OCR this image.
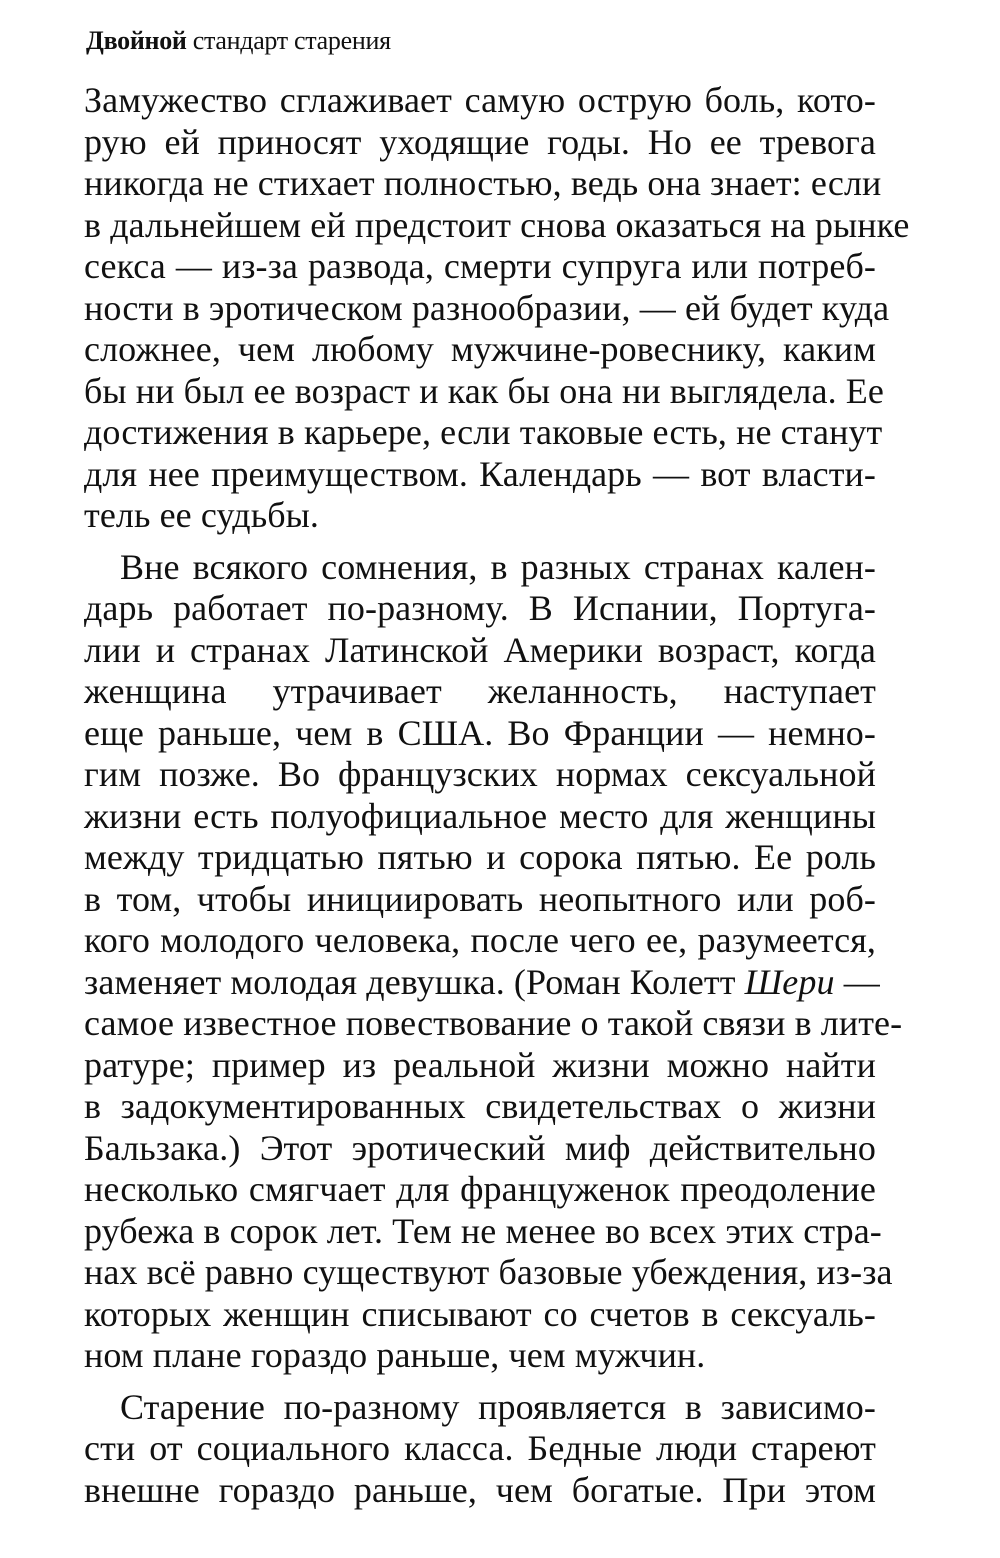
Двойной стандарт старения
Замужество сглаживает самую острую боль, кото-
рую ей приносят уходящие годы. Но ее тревога
никогда не стихает полностью, ведь она знает: если
в дальнейшем ей предстоит снова оказаться на рынке
секса — из-за развода, смерти супруга или потреб-
ности в эротическом разнообразии, — ей будет куда
сложнее, чем любому мужчине-ровеснику, каким
бы ни был ее возраст и как бы она ни выглядела. Ее
достижения в карьере, если таковые есть, не станут
для нее преимуществом. Календарь — вот власти-
тель ее судьбы.
Вне всякого сомнения, в разных странах кален-
дарь работает по-разному. В Испании, Португа-
лии и странах Латинской Америки возраст, когда
женщина утрачивает желанность, наступает
еще раньше, чем в США. Во Франции — немно-
гим позже. Во французских нормах сексуальной
жизни есть полуофициальное место для женщины
между тридцатью пятью и сорока пятью. Ее роль
в том, чтобы инициировать неопытного или роб-
кого молодого человека, после чего ее, разумеется,
заменяет молодая девушка. (Роман Колетт Шери —
самое известное повествование о такой связи в лите-
ратуре; пример из реальной жизни можно найти
в задокументированных свидетельствах о жизни
Бальзака.) Этот эротический миф действительно
несколько смягчает для француженок преодоление
рубежа в сорок лет. Тем не менее во всех этих стра-
нах всё равно существуют базовые убеждения, из-за
которых женщин списывают со счетов в сексуаль-
ном плане гораздо раньше, чем мужчин.
Старение по-разному проявляется в зависимо-
сти от социального класса. Бедные люди стареют
внешне гораздо раньше, чем богатые. При этом
